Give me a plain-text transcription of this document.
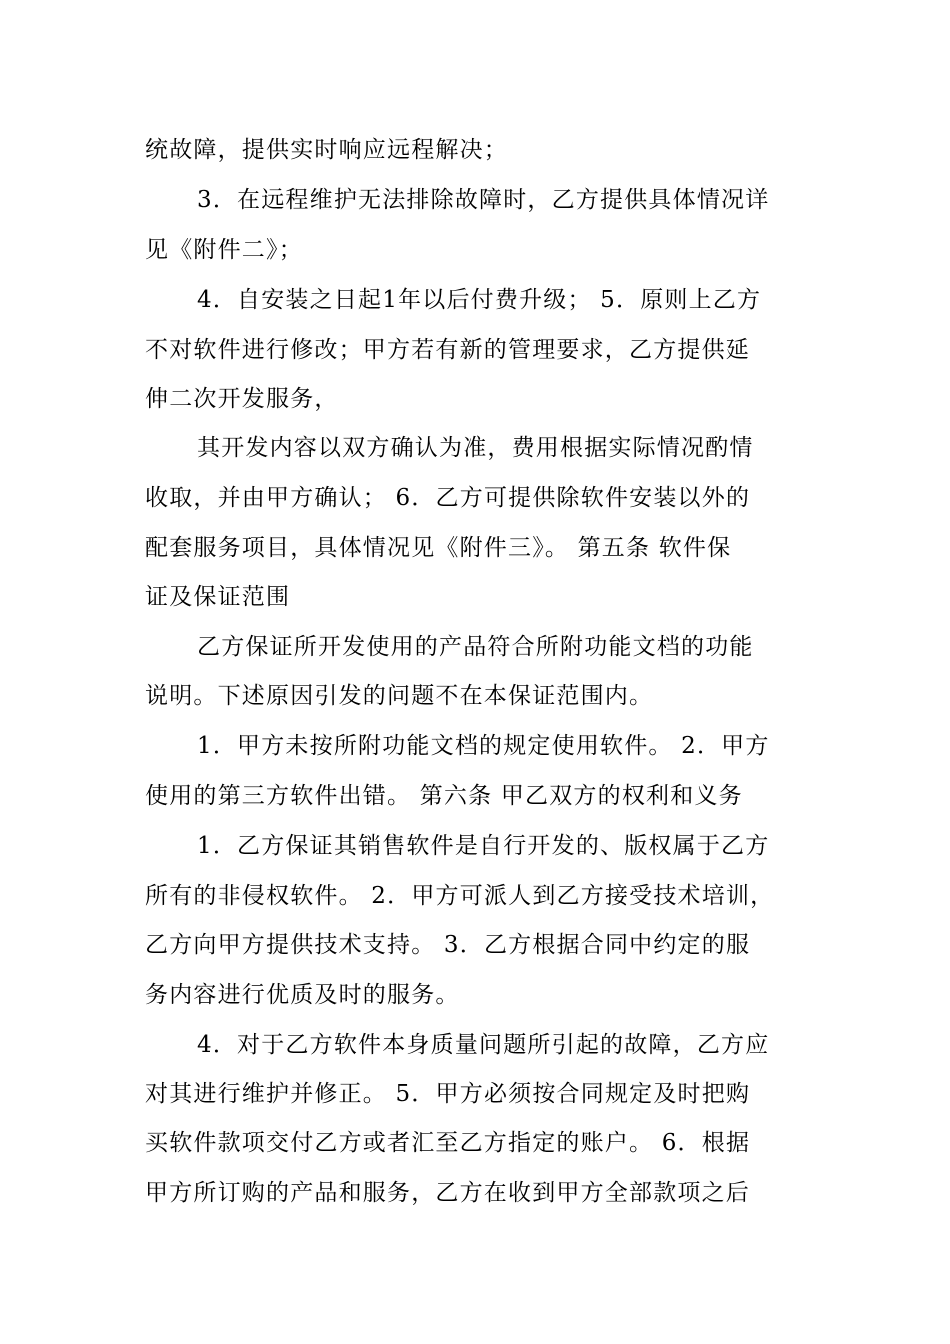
统故障，提供实时响应远程解决；
3．在远程维护无法排除故障时，乙方提供具体情况详
见《附件二》；
4．自安装之日起1年以后付费升级； 5．原则上乙方
不对软件进行修改；甲方若有新的管理要求，乙方提供延
伸二次开发服务，
其开发内容以双方确认为准，费用根据实际情况酌情
收取，并由甲方确认； 6．乙方可提供除软件安装以外的
配套服务项目，具体情况见《附件三》。 第五条 软件保
证及保证范围
乙方保证所开发使用的产品符合所附功能文档的功能
说明。下述原因引发的问题不在本保证范围内。
1．甲方未按所附功能文档的规定使用软件。 2．甲方
使用的第三方软件出错。 第六条 甲乙双方的权利和义务
1．乙方保证其销售软件是自行开发的、版权属于乙方
所有的非侵权软件。 2．甲方可派人到乙方接受技术培训，
乙方向甲方提供技术支持。 3．乙方根据合同中约定的服
务内容进行优质及时的服务。
4．对于乙方软件本身质量问题所引起的故障，乙方应
对其进行维护并修正。 5．甲方必须按合同规定及时把购
买软件款项交付乙方或者汇至乙方指定的账户。 6．根据
甲方所订购的产品和服务，乙方在收到甲方全部款项之后
